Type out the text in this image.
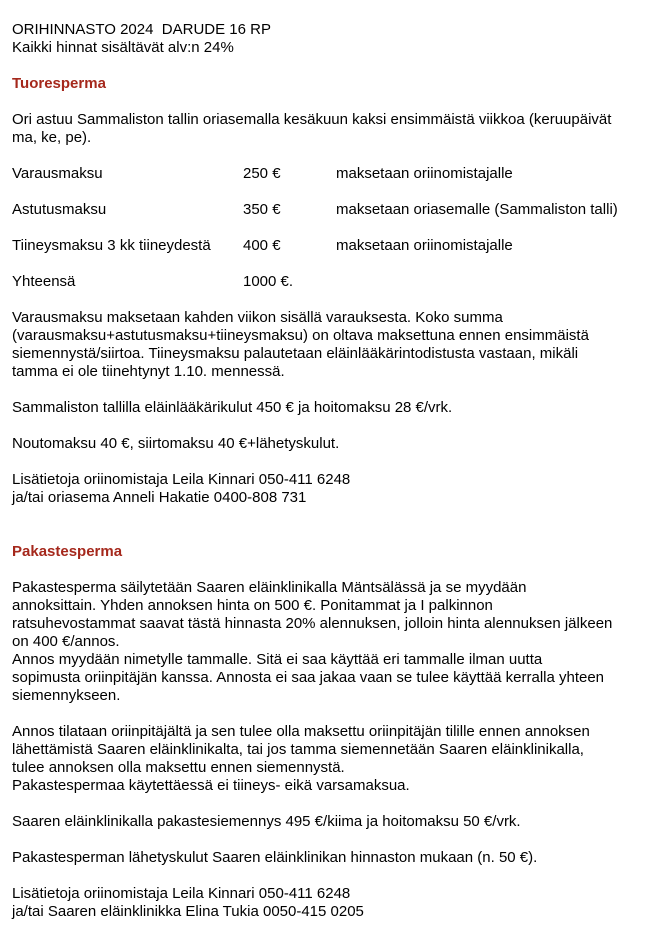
ORIHINNASTO 2024  DARUDE 16 RP
Kaikki hinnat sisältävät alv:n 24%
Tuoresperma
Ori astuu Sammaliston tallin oriasemalla kesäkuun kaksi ensimmäistä viikkoa (keruupäivät
ma, ke, pe).
Varausmaksu	250 €	maksetaan oriinomistajalle
Astutusmaksu	350 €	maksetaan oriasemalle (Sammaliston talli)
Tiineysmaksu 3 kk tiineydestä	400 €	maksetaan oriinomistajalle
Yhteensä	1000 €.
Varausmaksu maksetaan kahden viikon sisällä varauksesta. Koko summa
(varausmaksu+astutusmaksu+tiineysmaksu) on oltava maksettuna ennen ensimmäistä
siemennystä/siirtoa. Tiineysmaksu palautetaan eläinlääkärintodistusta vastaan, mikäli
tamma ei ole tiinehtynyt 1.10. mennessä.
Sammaliston tallilla eläinlääkärikulut 450 € ja hoitomaksu 28 €/vrk.
Noutomaksu 40 €, siirtomaksu 40 €+lähetyskulut.
Lisätietoja oriinomistaja Leila Kinnari 050-411 6248
ja/tai oriasema Anneli Hakatie 0400-808 731
Pakastesperma
Pakastesperma säilytetään Saaren eläinklinikalla Mäntsälässä ja se myydään
annoksittain. Yhden annoksen hinta on 500 €. Ponitammat ja I palkinnon
ratsuhevostammat saavat tästä hinnasta 20% alennuksen, jolloin hinta alennuksen jälkeen
on 400 €/annos.
Annos myydään nimetylle tammalle. Sitä ei saa käyttää eri tammalle ilman uutta
sopimusta oriinpitäjän kanssa. Annosta ei saa jakaa vaan se tulee käyttää kerralla yhteen
siemennykseen.
Annos tilataan oriinpitäjältä ja sen tulee olla maksettu oriinpitäjän tilille ennen annoksen
lähettämistä Saaren eläinklinikalta, tai jos tamma siemennetään Saaren eläinklinikalla,
tulee annoksen olla maksettu ennen siemennystä.
Pakastespermaa käytettäessä ei tiineys- eikä varsamaksua.
Saaren eläinklinikalla pakastesiemennys 495 €/kiima ja hoitomaksu 50 €/vrk.
Pakastesperman lähetyskulut Saaren eläinklinikan hinnaston mukaan (n. 50 €).
Lisätietoja oriinomistaja Leila Kinnari 050-411 6248
ja/tai Saaren eläinklinikka Elina Tukia 0050-415 0205
